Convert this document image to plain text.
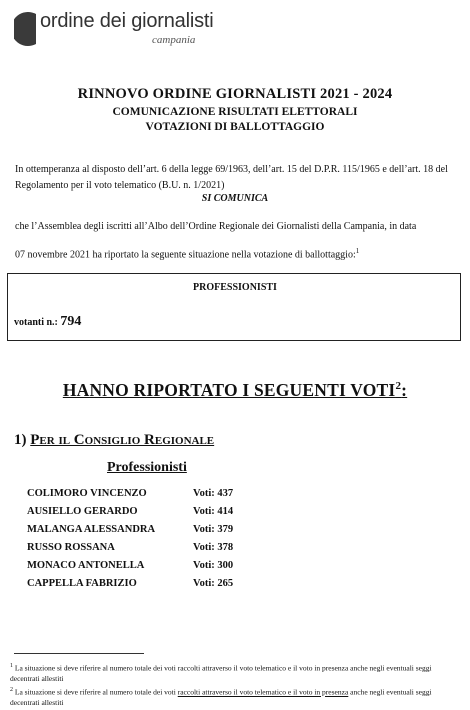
ordine dei giornalisti
campania
RINNOVO ORDINE GIORNALISTI 2021 - 2024
COMUNICAZIONE RISULTATI ELETTORALI
VOTAZIONI DI BALLOTTAGGIO
In ottemperanza al disposto dell’art. 6 della legge 69/1963, dell’art. 15 del D.P.R. 115/1965 e dell’art. 18 del Regolamento per il voto telematico (B.U. n. 1/2021)
SI COMUNICA
che l’Assemblea degli iscritti all’Albo dell’Ordine Regionale dei Giornalisti della Campania, in data
07 novembre 2021 ha riportato la seguente situazione nella votazione di ballottaggio:$^1$
PROFESSIONISTI
votanti n.: 794
HANNO RIPORTATO I SEGUENTI VOTI$^2$:
1) Per il Consiglio Regionale
Professionisti
COLIMORO VINCENZO	Voti: 437
AUSIELLO GERARDO	Voti: 414
MALANGA ALESSANDRA	Voti: 379
RUSSO ROSSANA	Voti: 378
MONACO ANTONELLA	Voti: 300
CAPPELLA FABRIZIO	Voti: 265
$^1$ La situazione si deve riferire al numero totale dei voti raccolti attraverso il voto telematico e il voto in presenza anche negli eventuali seggi decentrati allestiti
$^2$ La situazione si deve riferire al numero totale dei voti raccolti attraverso il voto telematico e il voto in presenza anche negli eventuali seggi decentrati allestiti
